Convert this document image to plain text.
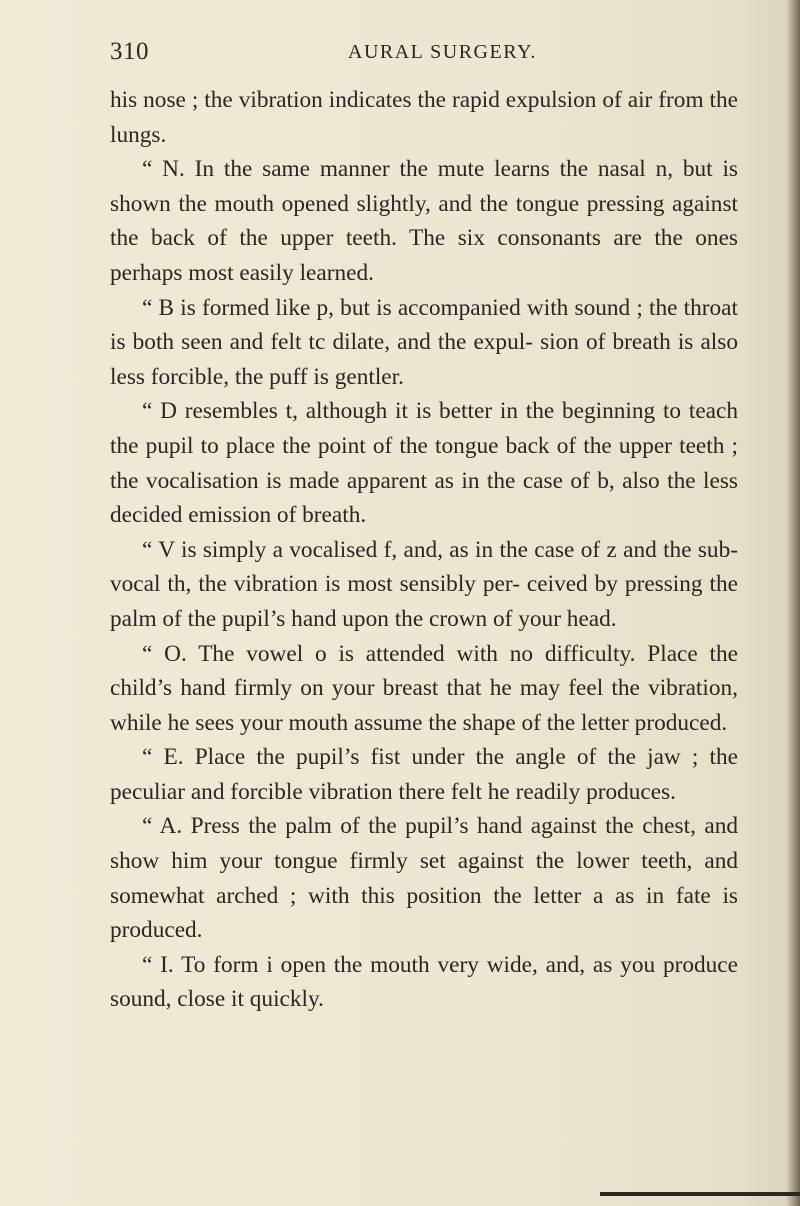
310	AURAL SURGERY.

his nose ; the vibration indicates the rapid expulsion of air from the lungs.

“ N. In the same manner the mute learns the nasal n, but is shown the mouth opened slightly, and the tongue pressing against the back of the upper teeth. The six consonants are the ones perhaps most easily learned.

“ B is formed like p, but is accompanied with sound ; the throat is both seen and felt tc dilate, and the expul- sion of breath is also less forcible, the puff is gentler.

“ D resembles t, although it is better in the beginning to teach the pupil to place the point of the tongue back of the upper teeth ; the vocalisation is made apparent as in the case of b, also the less decided emission of breath.

“ V is simply a vocalised f, and, as in the case of z and the sub-vocal th, the vibration is most sensibly per- ceived by pressing the palm of the pupil’s hand upon the crown of your head.

“ O. The vowel o is attended with no difficulty. Place the child’s hand firmly on your breast that he may feel the vibration, while he sees your mouth assume the shape of the letter produced.

“ E. Place the pupil’s fist under the angle of the jaw ; the peculiar and forcible vibration there felt he readily produces.

“ A. Press the palm of the pupil’s hand against the chest, and show him your tongue firmly set against the lower teeth, and somewhat arched ; with this position the letter a as in fate is produced.

“ I. To form i open the mouth very wide, and, as you produce sound, close it quickly.
